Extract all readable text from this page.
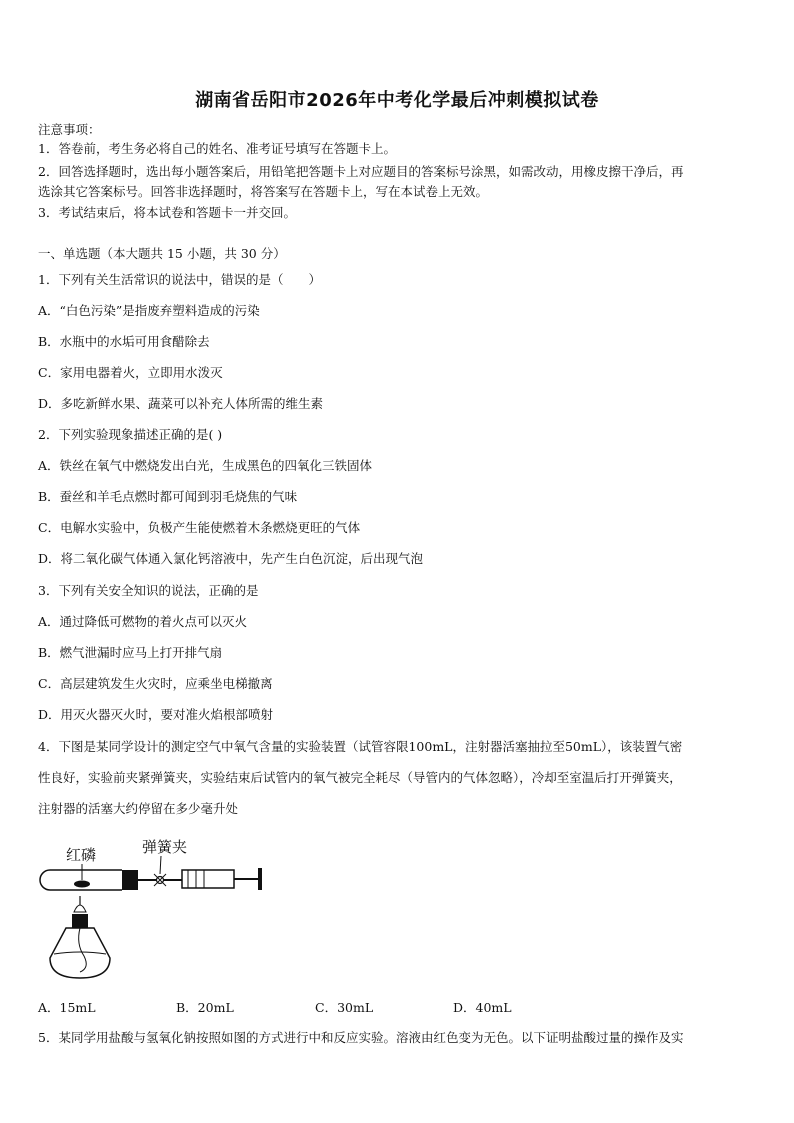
湖南省岳阳市2026年中考化学最后冲刺模拟试卷
注意事项：
1．答卷前，考生务必将自己的姓名、准考证号填写在答题卡上。
2．回答选择题时，选出每小题答案后，用铅笔把答题卡上对应题目的答案标号涂黑，如需改动，用橡皮擦干净后，再
选涂其它答案标号。回答非选择题时，将答案写在答题卡上，写在本试卷上无效。
3．考试结束后，将本试卷和答题卡一并交回。
一、单选题（本大题共 15 小题，共 30 分）
1．下列有关生活常识的说法中，错误的是（　　）
A．“白色污染”是指废弃塑料造成的污染
B．水瓶中的水垢可用食醋除去
C．家用电器着火，立即用水泼灭
D．多吃新鲜水果、蔬菜可以补充人体所需的维生素
2．下列实验现象描述正确的是( )
A．铁丝在氧气中燃烧发出白光，生成黑色的四氧化三铁固体
B．蚕丝和羊毛点燃时都可闻到羽毛烧焦的气味
C．电解水实验中，负极产生能使燃着木条燃烧更旺的气体
D．将二氧化碳气体通入氯化钙溶液中，先产生白色沉淀，后出现气泡
3．下列有关安全知识的说法，正确的是
A．通过降低可燃物的着火点可以灭火
B．燃气泄漏时应马上打开排气扇
C．高层建筑发生火灾时，应乘坐电梯撤离
D．用灭火器灭火时，要对准火焰根部喷射
4．下图是某同学设计的测定空气中氧气含量的实验装置（试管容限100mL，注射器活塞抽拉至50mL），该装置气密
性良好，实验前夹紧弹簧夹，实验结束后试管内的氧气被完全耗尽（导管内的气体忽略），冷却至室温后打开弹簧夹，
注射器的活塞大约停留在多少毫升处
红磷	弹簧夹
A．15mL	B．20mL	C．30mL	D．40mL
5．某同学用盐酸与氢氧化钠按照如图的方式进行中和反应实验。溶液由红色变为无色。以下证明盐酸过量的操作及实
